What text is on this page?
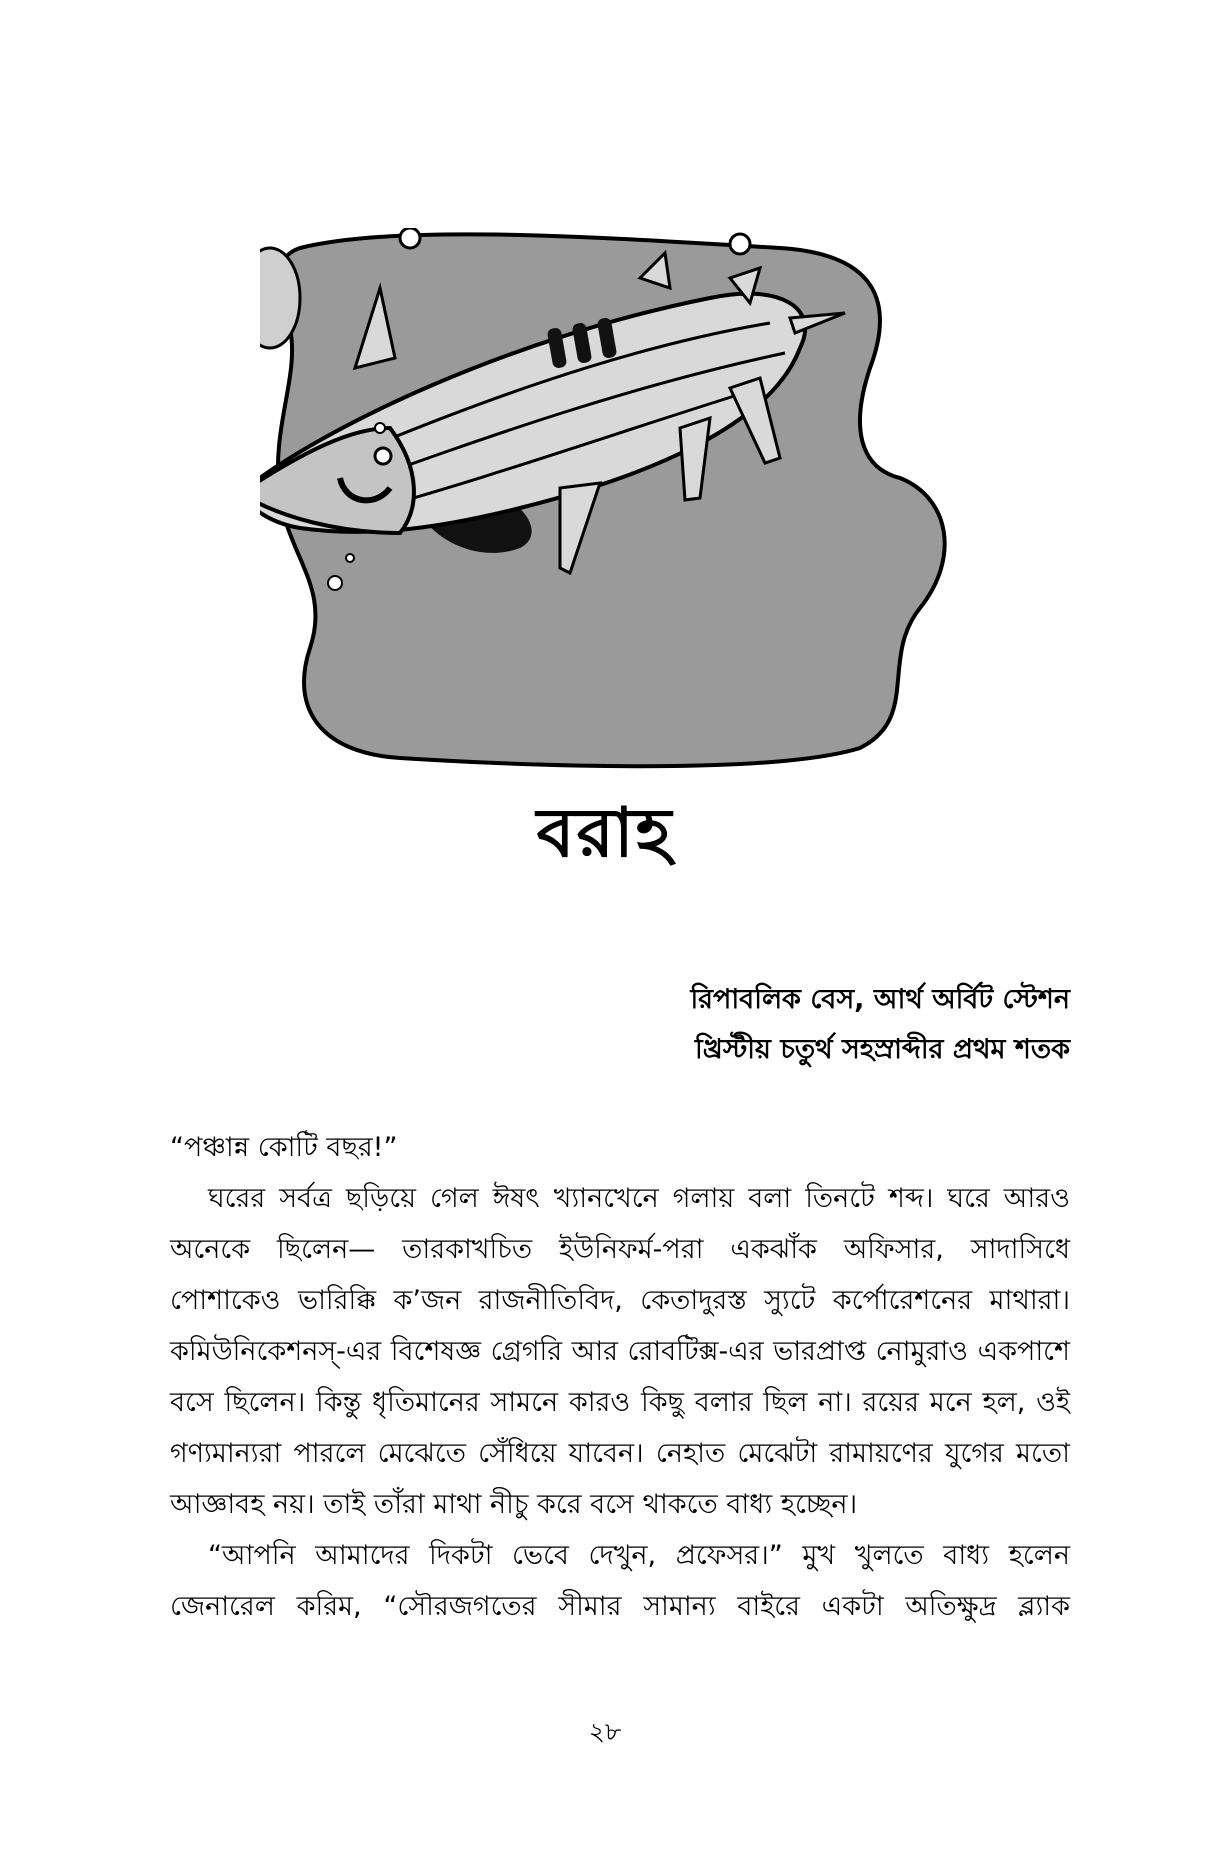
বরাহ
রিপাবলিক বেস, আর্থ অর্বিট স্টেশন
খ্রিস্টীয় চতুর্থ সহস্রাব্দীর প্রথম শতক

“পঞ্চান্ন কোটি বছর!”

ঘরের সর্বত্র ছড়িয়ে গেল ঈষৎ খ্যানখেনে গলায় বলা তিনটে শব্দ। ঘরে আরও অনেকে ছিলেন— তারকাখচিত ইউনিফর্ম-পরা একঝাঁক অফিসার, সাদাসিধে পোশাকেও ভারিক্কি ক’জন রাজনীতিবিদ, কেতাদুরস্ত স্যুটে কর্পোরেশনের মাথারা। কমিউনিকেশনস্-এর বিশেষজ্ঞ গ্রেগরি আর রোবটিক্স-এর ভারপ্রাপ্ত নোমুরাও একপাশে বসে ছিলেন। কিন্তু ধৃতিমানের সামনে কারও কিছু বলার ছিল না। রয়ের মনে হল, ওই গণ্যমান্যরা পারলে মেঝেতে সেঁধিয়ে যাবেন। নেহাত মেঝেটা রামায়ণের যুগের মতো আজ্ঞাবহ নয়। তাই তাঁরা মাথা নীচু করে বসে থাকতে বাধ্য হচ্ছেন।

“আপনি আমাদের দিকটা ভেবে দেখুন, প্রফেসর।” মুখ খুলতে বাধ্য হলেন জেনারেল করিম, “সৌরজগতের সীমার সামান্য বাইরে একটা অতিক্ষুদ্র ব্ল্যাক

২৮
